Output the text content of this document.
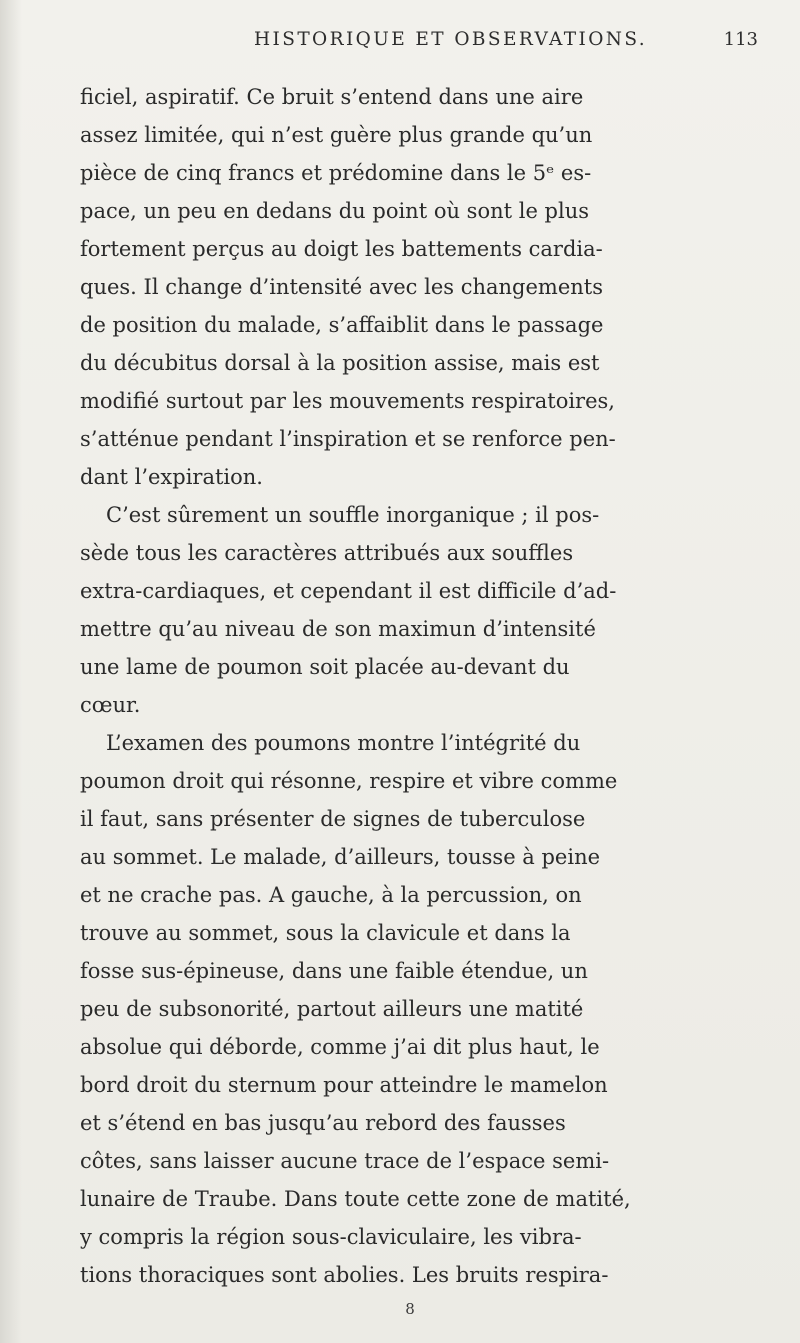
HISTORIQUE ET OBSERVATIONS.	113
ficiel, aspiratif. Ce bruit s’entend dans une aire
assez limitée, qui n’est guère plus grande qu’un
pièce de cinq francs et prédomine dans le 5ᵉ es-
pace, un peu en dedans du point où sont le plus
fortement perçus au doigt les battements cardia-
ques. Il change d’intensité avec les changements
de position du malade, s’affaiblit dans le passage
du décubitus dorsal à la position assise, mais est
modifié surtout par les mouvements respiratoires,
s’atténue pendant l’inspiration et se renforce pen-
dant l’expiration.
C’est sûrement un souffle inorganique ; il pos-
sède tous les caractères attribués aux souffles
extra-cardiaques, et cependant il est difficile d’ad-
mettre qu’au niveau de son maximun d’intensité
une lame de poumon soit placée au-devant du
cœur.
L’examen des poumons montre l’intégrité du
poumon droit qui résonne, respire et vibre comme
il faut, sans présenter de signes de tuberculose
au sommet. Le malade, d’ailleurs, tousse à peine
et ne crache pas. A gauche, à la percussion, on
trouve au sommet, sous la clavicule et dans la
fosse sus-épineuse, dans une faible étendue, un
peu de subsonorité, partout ailleurs une matité
absolue qui déborde, comme j’ai dit plus haut, le
bord droit du sternum pour atteindre le mamelon
et s’étend en bas jusqu’au rebord des fausses
côtes, sans laisser aucune trace de l’espace semi-
lunaire de Traube. Dans toute cette zone de matité,
y compris la région sous-claviculaire, les vibra-
tions thoraciques sont abolies. Les bruits respira-
8
